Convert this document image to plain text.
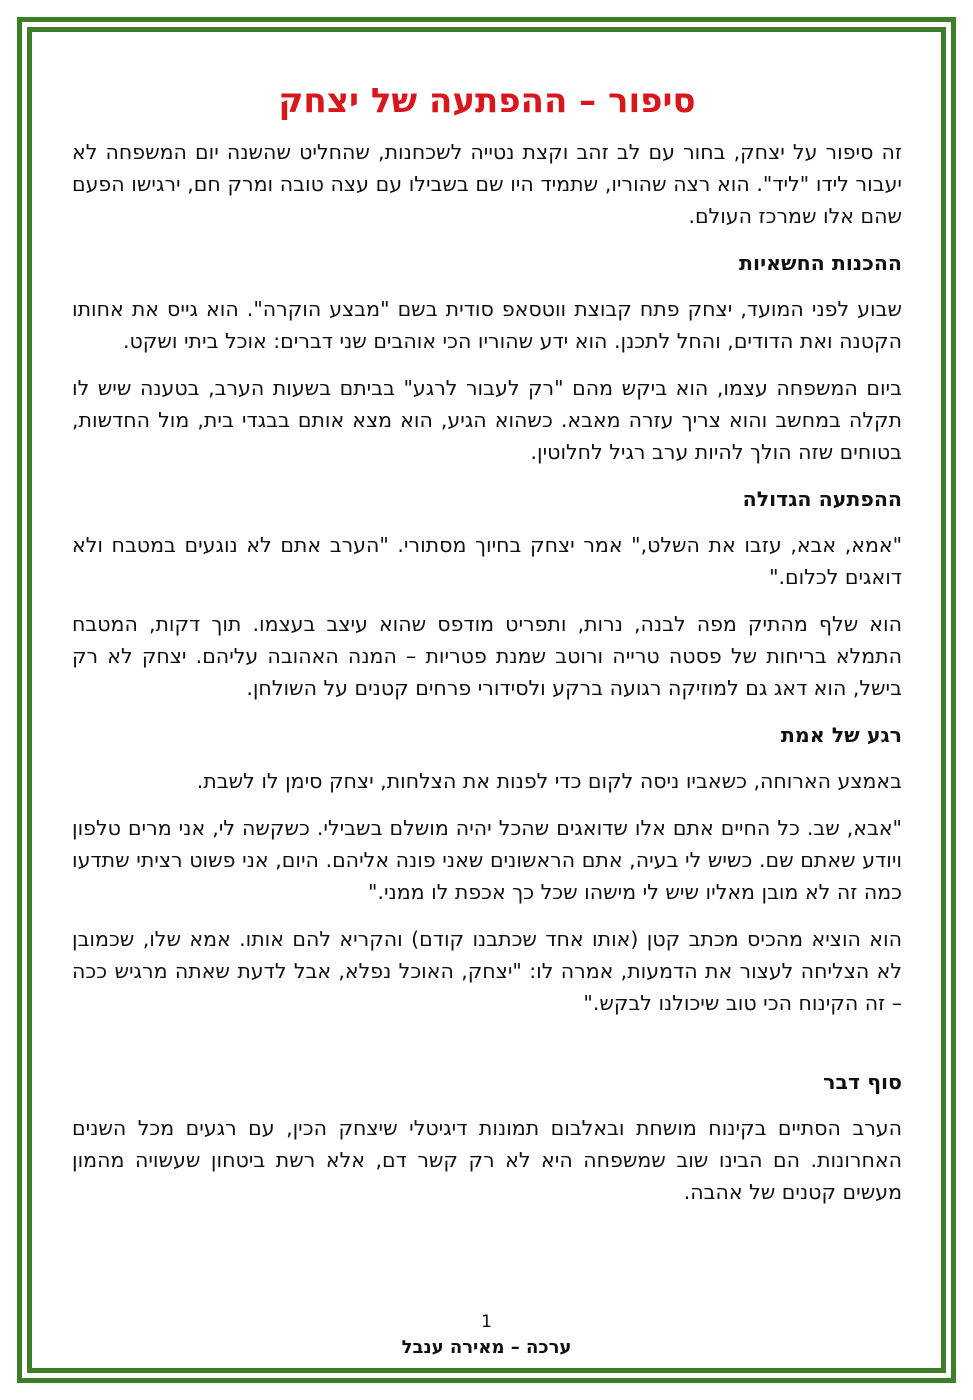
סיפור – ההפתעה של יצחק

זה סיפור על יצחק, בחור עם לב זהב וקצת נטייה לשכחנות, שהחליט שהשנה יום המשפחה לא יעבור לידו "ליד". הוא רצה שהוריו, שתמיד היו שם בשבילו עם עצה טובה ומרק חם, ירגישו הפעם שהם אלו שמרכז העולם.

ההכנות החשאיות

שבוע לפני המועד, יצחק פתח קבוצת ווטסאפ סודית בשם "מבצע הוקרה". הוא גייס את אחותו הקטנה ואת הדודים, והחל לתכנן. הוא ידע שהוריו הכי אוהבים שני דברים: אוכל ביתי ושקט.

ביום המשפחה עצמו, הוא ביקש מהם "רק לעבור לרגע" בביתם בשעות הערב, בטענה שיש לו תקלה במחשב והוא צריך עזרה מאבא. כשהוא הגיע, הוא מצא אותם בבגדי בית, מול החדשות, בטוחים שזה הולך להיות ערב רגיל לחלוטין.

ההפתעה הגדולה

"אמא, אבא, עזבו את השלט," אמר יצחק בחיוך מסתורי. "הערב אתם לא נוגעים במטבח ולא דואגים לכלום."

הוא שלף מהתיק מפה לבנה, נרות, ותפריט מודפס שהוא עיצב בעצמו. תוך דקות, המטבח התמלא בריחות של פסטה טרייה ורוטב שמנת פטריות – המנה האהובה עליהם. יצחק לא רק בישל, הוא דאג גם למוזיקה רגועה ברקע ולסידורי פרחים קטנים על השולחן.

רגע של אמת

באמצע הארוחה, כשאביו ניסה לקום כדי לפנות את הצלחות, יצחק סימן לו לשבת.

"אבא, שב. כל החיים אתם אלו שדואגים שהכל יהיה מושלם בשבילי. כשקשה לי, אני מרים טלפון ויודע שאתם שם. כשיש לי בעיה, אתם הראשונים שאני פונה אליהם. היום, אני פשוט רציתי שתדעו כמה זה לא מובן מאליו שיש לי מישהו שכל כך אכפת לו ממני."

הוא הוציא מהכיס מכתב קטן (אותו אחד שכתבנו קודם) והקריא להם אותו. אמא שלו, שכמובן לא הצליחה לעצור את הדמעות, אמרה לו: "יצחק, האוכל נפלא, אבל לדעת שאתה מרגיש ככה – זה הקינוח הכי טוב שיכולנו לבקש."

סוף דבר

הערב הסתיים בקינוח מושחת ובאלבום תמונות דיגיטלי שיצחק הכין, עם רגעים מכל השנים האחרונות. הם הבינו שוב שמשפחה היא לא רק קשר דם, אלא רשת ביטחון שעשויה מהמון מעשים קטנים של אהבה.

1
ערכה – מאירה ענבל
